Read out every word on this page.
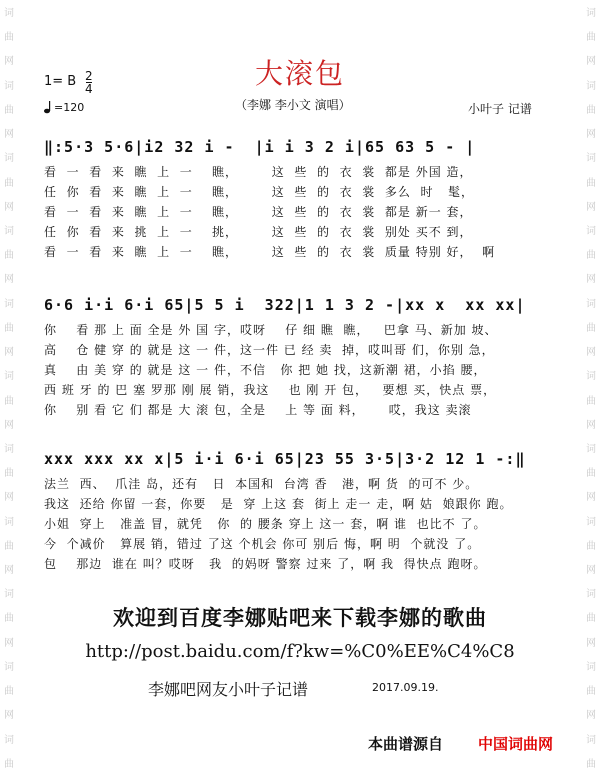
词
曲
网
词
曲
网
词
曲
网
词
曲
网
词
曲
网
词
曲
网
词
曲
网
词
曲
网
词
曲
网
词
曲
网
词
曲
词
曲
网
词
曲
网
词
曲
网
词
曲
网
词
曲
网
词
曲
网
词
曲
网
词
曲
网
词
曲
网
词
曲
网
词
曲
大滚包
1= B 2
4
=120	（李娜 李小文 演唱）	小叶子 记谱
‖:5·3 5·6|i2 32 i -  |i i 3 2 i|65 63 5 - |
看  一  看  来  瞧  上  一    瞧，       这  些  的  衣  裳  都是 外国 造，
任  你  看  来  瞧  上  一    瞧，       这  些  的  衣  裳  多么  时   髦，
看  一  看  来  瞧  上  一    瞧，       这  些  的  衣  裳  都是 新一 套，
任  你  看  来  挑  上  一    挑，       这  些  的  衣  裳  别处 买不 到，
看  一  看  来  瞧  上  一    瞧，       这  些  的  衣  裳  质量 特别 好，  啊
6·6 i·i 6·i 65|5 5 i  322|1 1 3 2 -|xx x  xx xx|
你    看 那 上 面 全是 外 国 字，哎呀    仔 细 瞧  瞧，   巴拿 马、新加 坡、
高    仓 健 穿 的 就是 这 一 件，这一件 已 经 卖  掉，哎叫哥 们，你别 急，
真    由 美 穿 的 就是 这 一 件，不信   你 把 她 找，这新潮 裙，小掐 腰，
西 班 牙 的 巴 塞 罗那 刚 展 销，我这    也 刚 开 包，   要想 买，快点 票，
你    别 看 它 们 都是 大 滚 包，全是    上 等 面 料，     哎，我这 卖滚
xxx xxx xx x|5 i·i 6·i 65|23 55 3·5|3·2 12 1 -:‖
法兰  西、  爪洼 岛，还有   日  本国和  台湾 香   港，啊 货  的可不 少。
我这  还给 你留 一套，你要   是  穿 上这 套  街上 走一 走，啊 姑  娘跟你 跑。
小姐  穿上   准盖 冒，就凭   你  的 腰条 穿上 这一 套，啊 谁  也比不 了。
今  个减价   算展 销，错过 了这 个机会 你可 别后 悔，啊 明  个就没 了。
包    那边  谁在 叫？哎呀   我  的妈呀 警察 过来 了，啊 我  得快点 跑呀。
欢迎到百度李娜贴吧来下载李娜的歌曲
http://post.baidu.com/f?kw=%C0%EE%C4%C8
李娜吧网友小叶子记谱	2017.09.19.
本曲谱源自 中国词曲网
